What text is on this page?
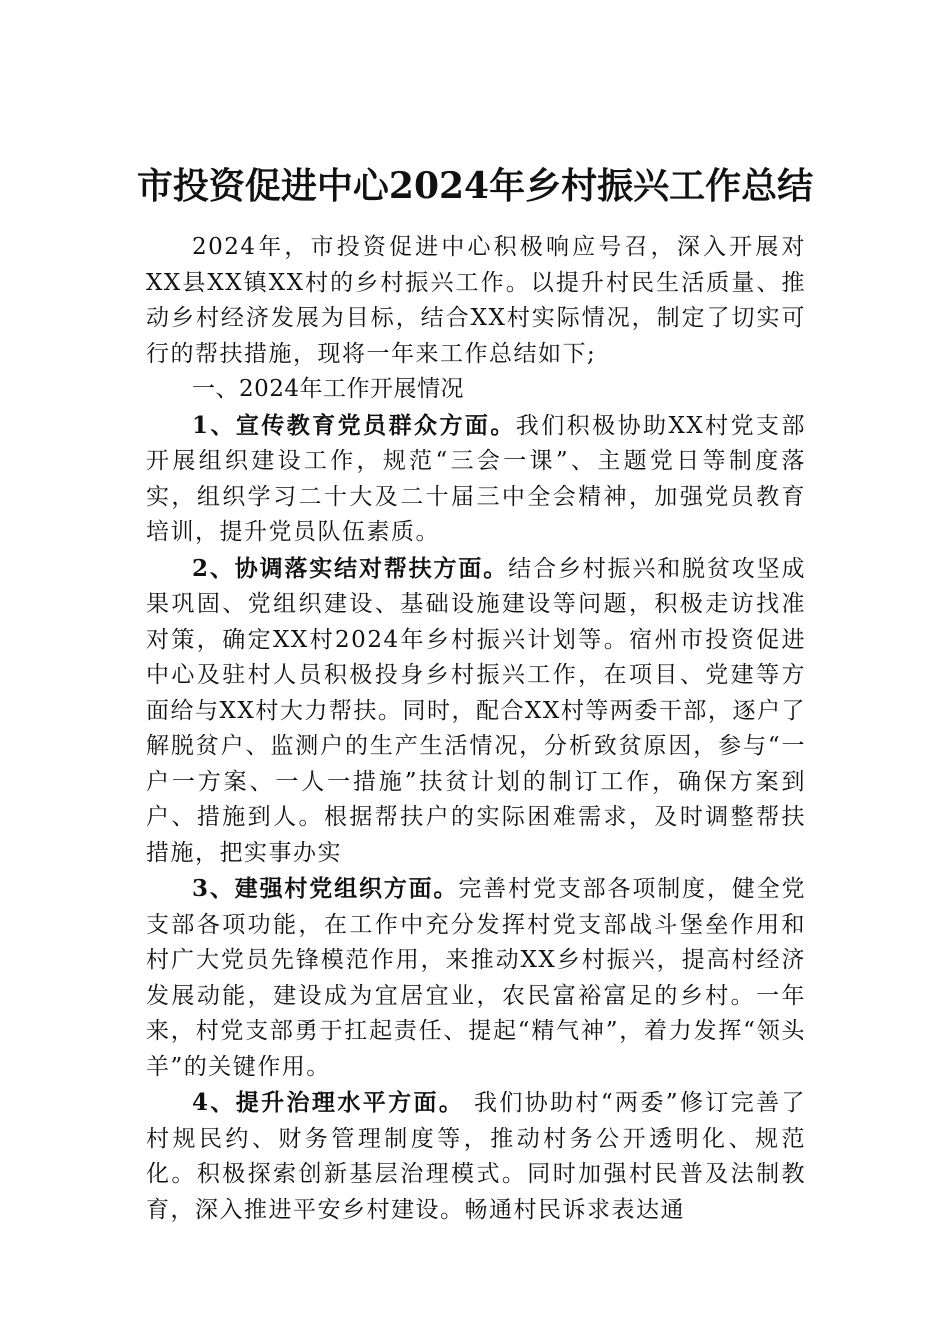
市投资促进中心2024年乡村振兴工作总结

2024年，市投资促进中心积极响应号召，深入开展对XX县XX镇XX村的乡村振兴工作。以提升村民生活质量、推动乡村经济发展为目标，结合XX村实际情况，制定了切实可行的帮扶措施，现将一年来工作总结如下;

一、2024年工作开展情况

1、宣传教育党员群众方面。我们积极协助XX村党支部开展组织建设工作，规范“三会一课”、主题党日等制度落实，组织学习二十大及二十届三中全会精神，加强党员教育培训，提升党员队伍素质。

2、协调落实结对帮扶方面。结合乡村振兴和脱贫攻坚成果巩固、党组织建设、基础设施建设等问题，积极走访找准对策，确定XX村2024年乡村振兴计划等。宿州市投资促进中心及驻村人员积极投身乡村振兴工作，在项目、党建等方面给与XX村大力帮扶。同时，配合XX村等两委干部，逐户了解脱贫户、监测户的生产生活情况，分析致贫原因，参与“一户一方案、一人一措施”扶贫计划的制订工作，确保方案到户、措施到人。根据帮扶户的实际困难需求，及时调整帮扶措施，把实事办实

3、建强村党组织方面。完善村党支部各项制度，健全党支部各项功能，在工作中充分发挥村党支部战斗堡垒作用和村广大党员先锋模范作用，来推动XX乡村振兴，提高村经济发展动能，建设成为宜居宜业，农民富裕富足的乡村。一年来，村党支部勇于扛起责任、提起“精气神”，着力发挥“领头羊”的关键作用。

4、提升治理水平方面。 我们协助村“两委”修订完善了村规民约、财务管理制度等，推动村务公开透明化、规范化。积极探索创新基层治理模式。同时加强村民普及法制教育，深入推进平安乡村建设。畅通村民诉求表达通
